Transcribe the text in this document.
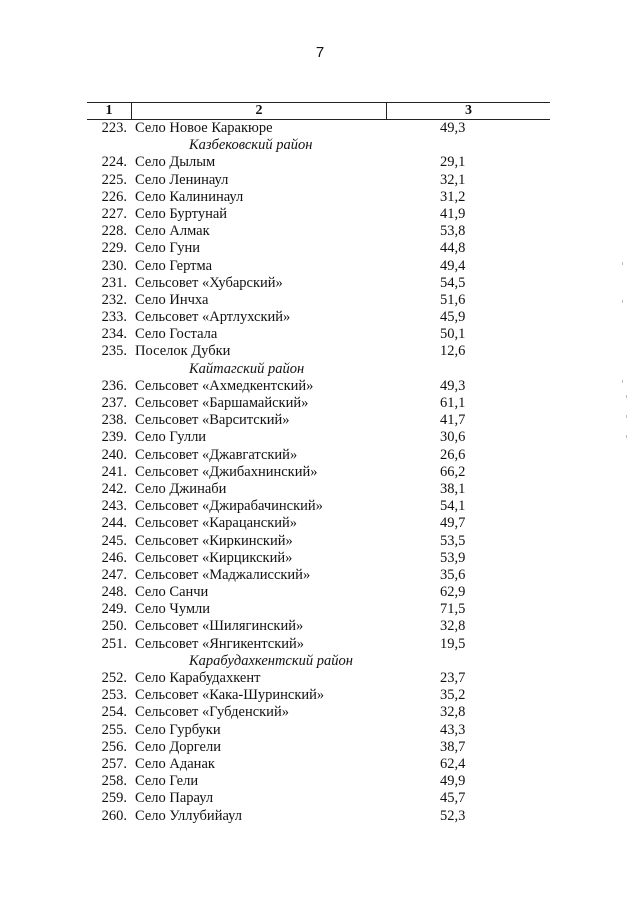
7
1	2	3
223. Село Новое Каракюре	49,3
Казбековский район
224. Село Дылым	29,1
225. Село Ленинаул	32,1
226. Село Калининаул	31,2
227. Село Буртунай	41,9
228. Село Алмак	53,8
229. Село Гуни	44,8
230. Село Гертма	49,4
231. Сельсовет «Хубарский»	54,5
232. Село Инчха	51,6
233. Сельсовет «Артлухский»	45,9
234. Село Гостала	50,1
235. Поселок Дубки	12,6
Кайтагский район
236. Сельсовет «Ахмедкентский»	49,3
237. Сельсовет «Баршамайский»	61,1
238. Сельсовет «Варситский»	41,7
239. Село Гулли	30,6
240. Сельсовет «Джавгатский»	26,6
241. Сельсовет «Джибахнинский»	66,2
242. Село Джинаби	38,1
243. Сельсовет «Джирабачинский»	54,1
244. Сельсовет «Карацанский»	49,7
245. Сельсовет «Киркинский»	53,5
246. Сельсовет «Кирцикский»	53,9
247. Сельсовет «Маджалисский»	35,6
248. Село Санчи	62,9
249. Село Чумли	71,5
250. Сельсовет «Шилягинский»	32,8
251. Сельсовет «Янгикентский»	19,5
Карабудахкентский район
252. Село Карабудахкент	23,7
253. Сельсовет «Кака-Шуринский»	35,2
254. Сельсовет «Губденский»	32,8
255. Село Гурбуки	43,3
256. Село Доргели	38,7
257. Село Аданак	62,4
258. Село Гели	49,9
259. Село Параул	45,7
260. Село Уллубийаул	52,3
